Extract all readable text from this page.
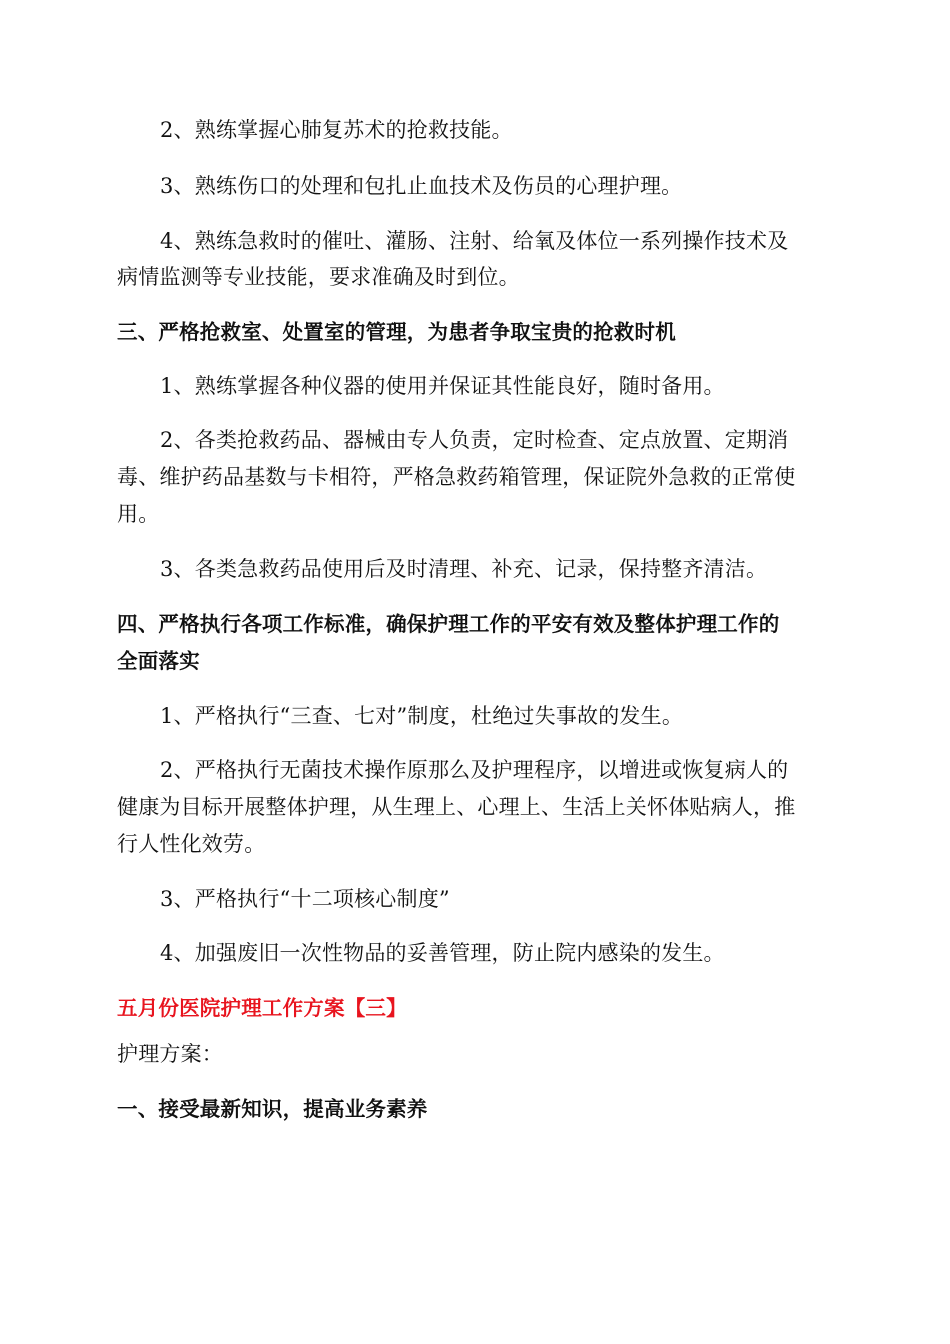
2、熟练掌握心肺复苏术的抢救技能。
3、熟练伤口的处理和包扎止血技术及伤员的心理护理。
4、熟练急救时的催吐、灌肠、注射、给氧及体位一系列操作技术及
病情监测等专业技能，要求准确及时到位。
三、严格抢救室、处置室的管理，为患者争取宝贵的抢救时机
1、熟练掌握各种仪器的使用并保证其性能良好，随时备用。
2、各类抢救药品、器械由专人负责，定时检查、定点放置、定期消
毒、维护药品基数与卡相符，严格急救药箱管理，保证院外急救的正常使
用。
3、各类急救药品使用后及时清理、补充、记录，保持整齐清洁。
四、严格执行各项工作标准，确保护理工作的平安有效及整体护理工作的
全面落实
1、严格执行“三查、七对”制度，杜绝过失事故的发生。
2、严格执行无菌技术操作原那么及护理程序，以增进或恢复病人的
健康为目标开展整体护理，从生理上、心理上、生活上关怀体贴病人，推
行人性化效劳。
3、严格执行“十二项核心制度”
4、加强废旧一次性物品的妥善管理，防止院内感染的发生。
五月份医院护理工作方案【三】
护理方案：
一、接受最新知识，提高业务素养
